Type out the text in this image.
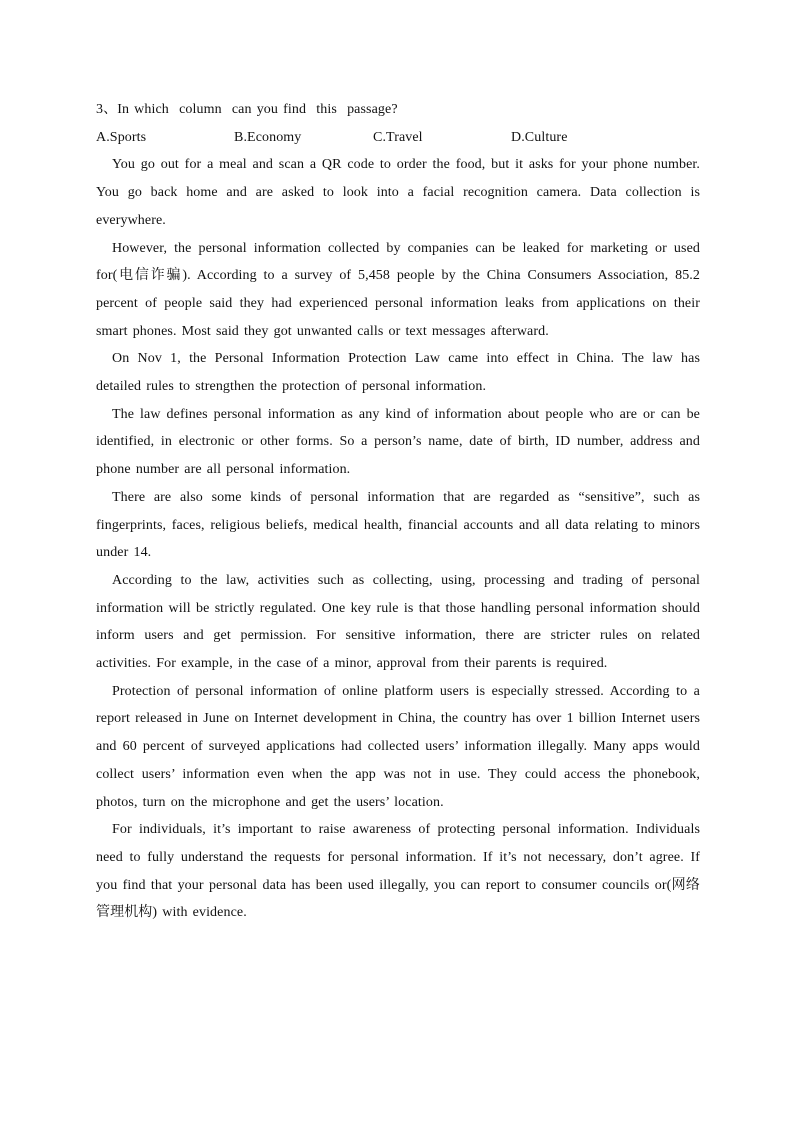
3、In which  column  can you find  this  passage?

A.Sports	B.Economy	C.Travel	D.Culture

You go out for a meal and scan a QR code to order the food, but it asks for your phone number. You go back home and are asked to look into a facial recognition camera. Data collection is everywhere.

However, the personal information collected by companies can be leaked for marketing or used for(电信诈骗). According to a survey of 5,458 people by the China Consumers Association, 85.2 percent of people said they had experienced personal information leaks from applications on their smart phones. Most said they got unwanted calls or text messages afterward.

On Nov 1, the Personal Information Protection Law came into effect in China. The law has detailed rules to strengthen the protection of personal information.

The law defines personal information as any kind of information about people who are or can be identified, in electronic or other forms. So a person’s name, date of birth, ID number, address and phone number are all personal information.

There are also some kinds of personal information that are regarded as “sensitive”, such as fingerprints, faces, religious beliefs, medical health, financial accounts and all data relating to minors under 14.

According to the law, activities such as collecting, using, processing and trading of personal information will be strictly regulated. One key rule is that those handling personal information should inform users and get permission. For sensitive information, there are stricter rules on related activities. For example, in the case of a minor, approval from their parents is required.

Protection of personal information of online platform users is especially stressed. According to a report released in June on Internet development in China, the country has over 1 billion Internet users and 60 percent of surveyed applications had collected users’ information illegally. Many apps would collect users’ information even when the app was not in use. They could access the phonebook, photos, turn on the microphone and get the users’ location.

For individuals, it’s important to raise awareness of protecting personal information. Individuals need to fully understand the requests for personal information. If it’s not necessary, don’t agree. If you find that your personal data has been used illegally, you can report to consumer councils or(网络管理机构) with evidence.
